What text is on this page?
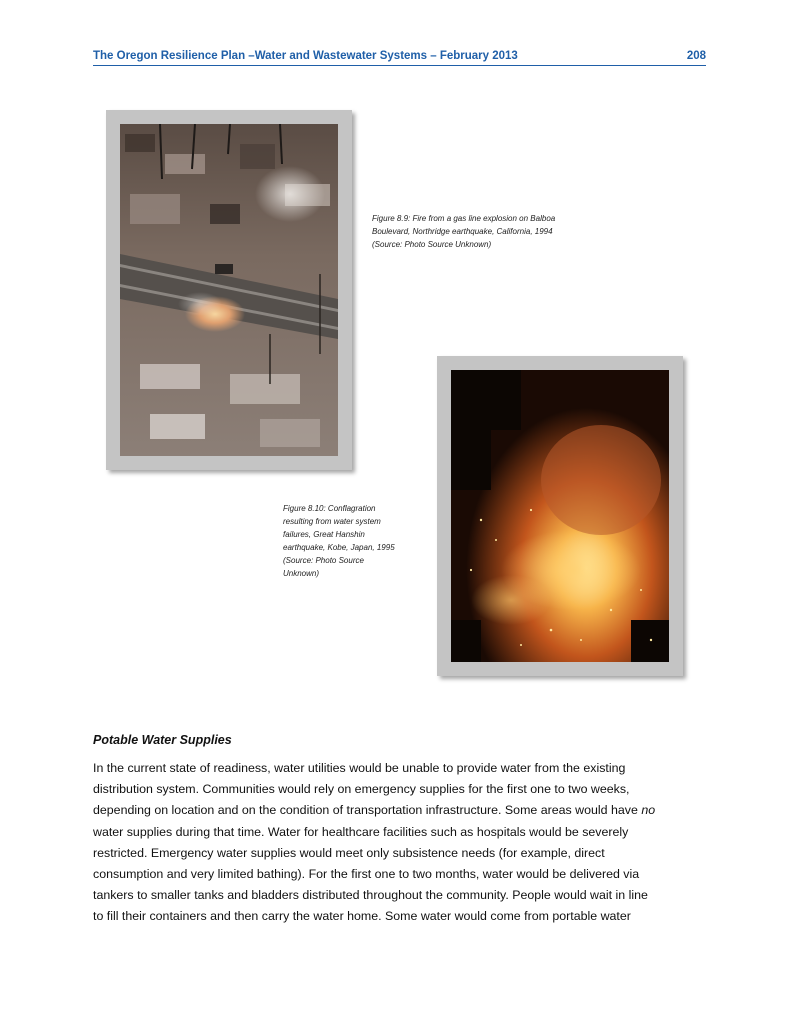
The Oregon Resilience Plan –Water and Wastewater Systems – February 2013	208
Figure 8.9: Fire from a gas line explosion on Balboa
Boulevard, Northridge earthquake, California, 1994
(Source: Photo Source Unknown)
Figure 8.10: Conflagration
resulting from water system
failures, Great Hanshin
earthquake, Kobe, Japan, 1995
(Source: Photo Source
Unknown)
Potable Water Supplies
In the current state of readiness, water utilities would be unable to provide water from the existing
distribution system. Communities would rely on emergency supplies for the first one to two weeks,
depending on location and on the condition of transportation infrastructure. Some areas would have no
water supplies during that time. Water for healthcare facilities such as hospitals would be severely
restricted. Emergency water supplies would meet only subsistence needs (for example, direct
consumption and very limited bathing). For the first one to two months, water would be delivered via
tankers to smaller tanks and bladders distributed throughout the community. People would wait in line
to fill their containers and then carry the water home. Some water would come from portable water
